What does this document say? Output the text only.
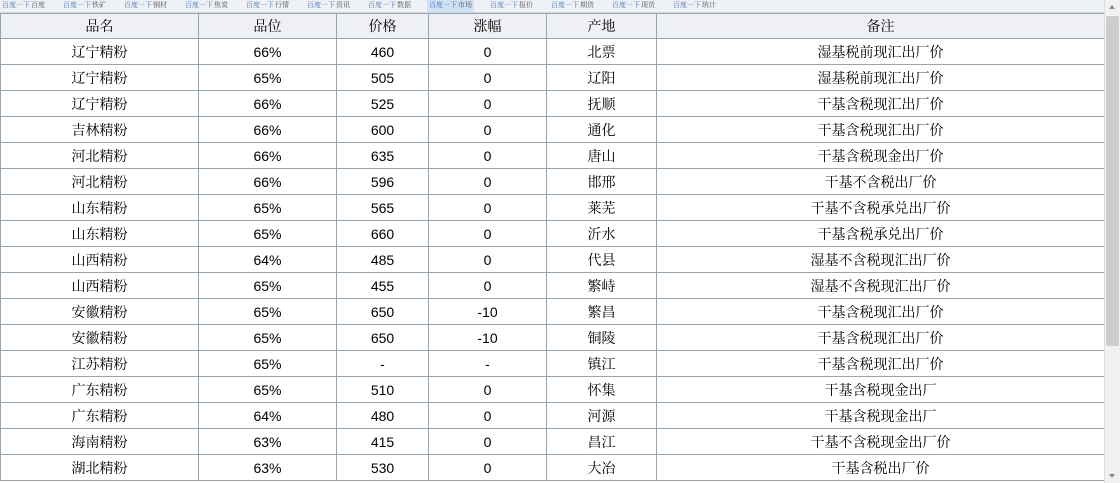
百度一下百度	百度一下铁矿	百度一下钢材	百度一下焦炭	百度一下行情	百度一下资讯	百度一下数据	百度一下市场	百度一下报价	百度一下期货	百度一下现货	百度一下统计
品名	品位	价格	涨幅	产地	备注
辽宁精粉	66%	460	0	北票	湿基税前现汇出厂价
辽宁精粉	65%	505	0	辽阳	湿基税前现汇出厂价
辽宁精粉	66%	525	0	抚顺	干基含税现汇出厂价
吉林精粉	66%	600	0	通化	干基含税现汇出厂价
河北精粉	66%	635	0	唐山	干基含税现金出厂价
河北精粉	66%	596	0	邯邢	干基不含税出厂价
山东精粉	65%	565	0	莱芜	干基不含税承兑出厂价
山东精粉	65%	660	0	沂水	干基含税承兑出厂价
山西精粉	64%	485	0	代县	湿基不含税现汇出厂价
山西精粉	65%	455	0	繁峙	湿基不含税现汇出厂价
安徽精粉	65%	650	-10	繁昌	干基含税现汇出厂价
安徽精粉	65%	650	-10	铜陵	干基含税现汇出厂价
江苏精粉	65%	-	-	镇江	干基含税现汇出厂价
广东精粉	65%	510	0	怀集	干基含税现金出厂
广东精粉	64%	480	0	河源	干基含税现金出厂
海南精粉	63%	415	0	昌江	干基不含税现金出厂价
湖北精粉	63%	530	0	大冶	干基含税出厂价
